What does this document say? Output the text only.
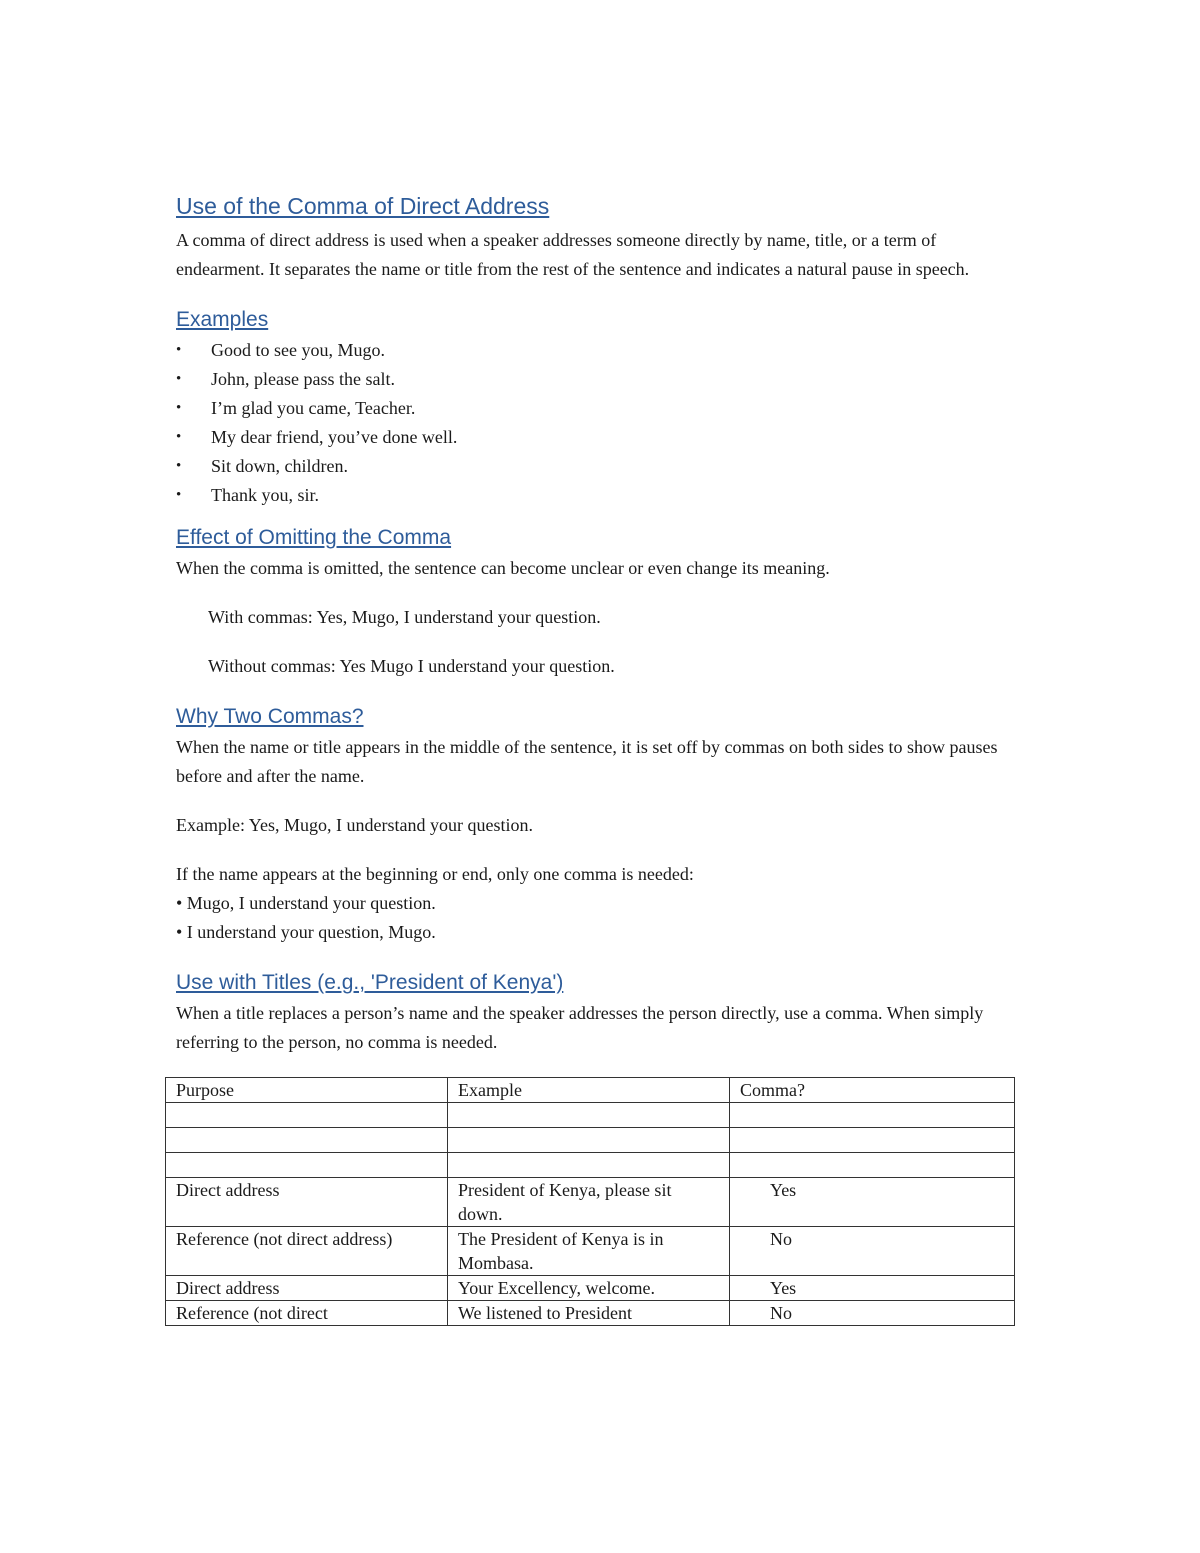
Use of the Comma of Direct Address

A comma of direct address is used when a speaker addresses someone directly by name, title, or a term of endearment. It separates the name or title from the rest of the sentence and indicates a natural pause in speech.

Examples
• Good to see you, Mugo.
• John, please pass the salt.
• I’m glad you came, Teacher.
• My dear friend, you’ve done well.
• Sit down, children.
• Thank you, sir.
Effect of Omitting the Comma

When the comma is omitted, the sentence can become unclear or even change its meaning.

With commas: Yes, Mugo, I understand your question.

Without commas: Yes Mugo I understand your question.

Why Two Commas?

When the name or title appears in the middle of the sentence, it is set off by commas on both sides to show pauses before and after the name.

Example: Yes, Mugo, I understand your question.

If the name appears at the beginning or end, only one comma is needed:

• Mugo, I understand your question.

• I understand your question, Mugo.

Use with Titles (e.g., 'President of Kenya')

When a title replaces a person’s name and the speaker addresses the person directly, use a comma. When simply referring to the person, no comma is needed.

Purpose	Example	Comma?

Direct address	President of Kenya, please sit down.	Yes
Reference (not direct address)	The President of Kenya is in Mombasa.	No
Direct address	Your Excellency, welcome.	Yes

Reference (not direct	We listened to President	No
